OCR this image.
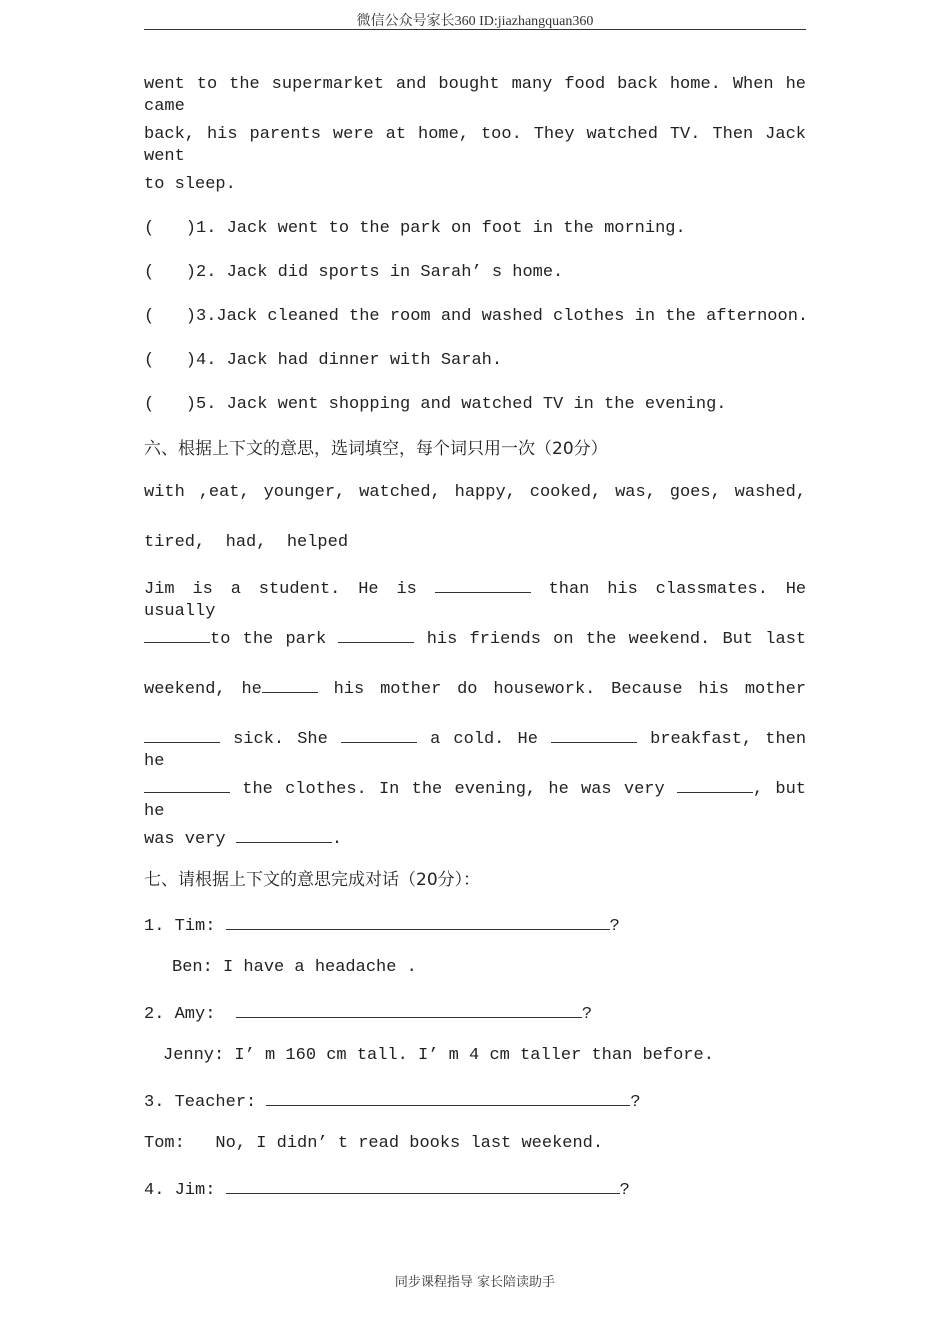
微信公众号家长360 ID:jiazhangquan360
went to the supermarket and bought many food back home. When he came
back, his parents were at home, too. They watched TV. Then Jack went
to sleep.
( ) 1. Jack went to the park on foot in the morning.
( ) 2. Jack did sports in Sarah’ s home.
( ) 3.Jack cleaned the room and washed clothes in the afternoon.
( ) 4. Jack had dinner with Sarah.
( ) 5. Jack went shopping and watched TV in the evening.
六、根据上下文的意思，选词填空，每个词只用一次（20分）
with ,eat, younger, watched, happy, cooked, was, goes, washed,
tired,  had,  helped
Jim is a student. He is	than his classmates. He usually
to the park	his friends on the weekend. But last
weekend, he	his mother do housework. Because his mother
sick. She	a cold. He	breakfast, then he
the clothes. In the evening, he was very	, but he
was very	.
七、请根据上下文的意思完成对话（20分）：
1. Tim:	?
Ben: I have a headache .
2. Amy:	?
Jenny: I’ m 160 cm tall. I’ m 4 cm taller than before.
3. Teacher:	?
Tom:   No, I didn’ t read books last weekend.
4. Jim:	?
同步课程指导 家长陪读助手
